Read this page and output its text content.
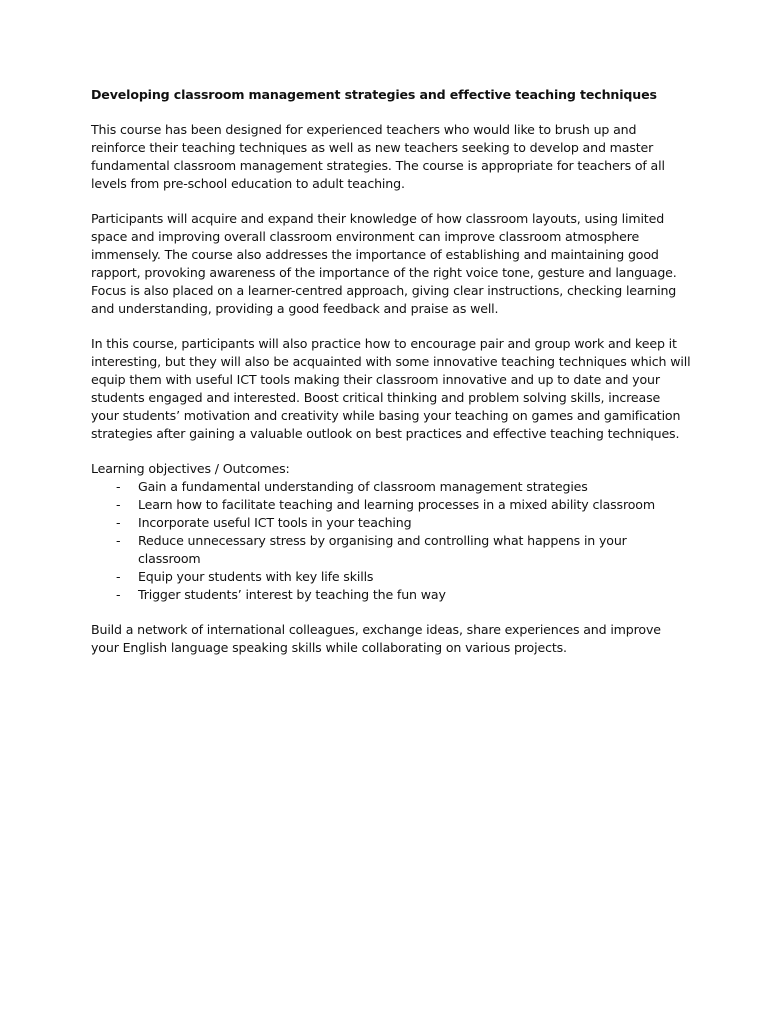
Developing classroom management strategies and effective teaching techniques

This course has been designed for experienced teachers who would like to brush up and reinforce their teaching techniques as well as new teachers seeking to develop and master fundamental classroom management strategies. The course is appropriate for teachers of all levels from pre-school education to adult teaching.

Participants will acquire and expand their knowledge of how classroom layouts, using limited space and improving overall classroom environment can improve classroom atmosphere immensely. The course also addresses the importance of establishing and maintaining good rapport, provoking awareness of the importance of the right voice tone, gesture and language. Focus is also placed on a learner-centred approach, giving clear instructions, checking learning and understanding, providing a good feedback and praise as well.

In this course, participants will also practice how to encourage pair and group work and keep it interesting, but they will also be acquainted with some innovative teaching techniques which will equip them with useful ICT tools making their classroom innovative and up to date and your students engaged and interested. Boost critical thinking and problem solving skills, increase your students’ motivation and creativity while basing your teaching on games and gamification strategies after gaining a valuable outlook on best practices and effective teaching techniques.

Learning objectives / Outcomes:

- Gain a fundamental understanding of classroom management strategies
- Learn how to facilitate teaching and learning processes in a mixed ability classroom
- Incorporate useful ICT tools in your teaching
- Reduce unnecessary stress by organising and controlling what happens in your classroom
- Equip your students with key life skills
- Trigger students’ interest by teaching the fun way

Build a network of international colleagues, exchange ideas, share experiences and improve your English language speaking skills while collaborating on various projects.
